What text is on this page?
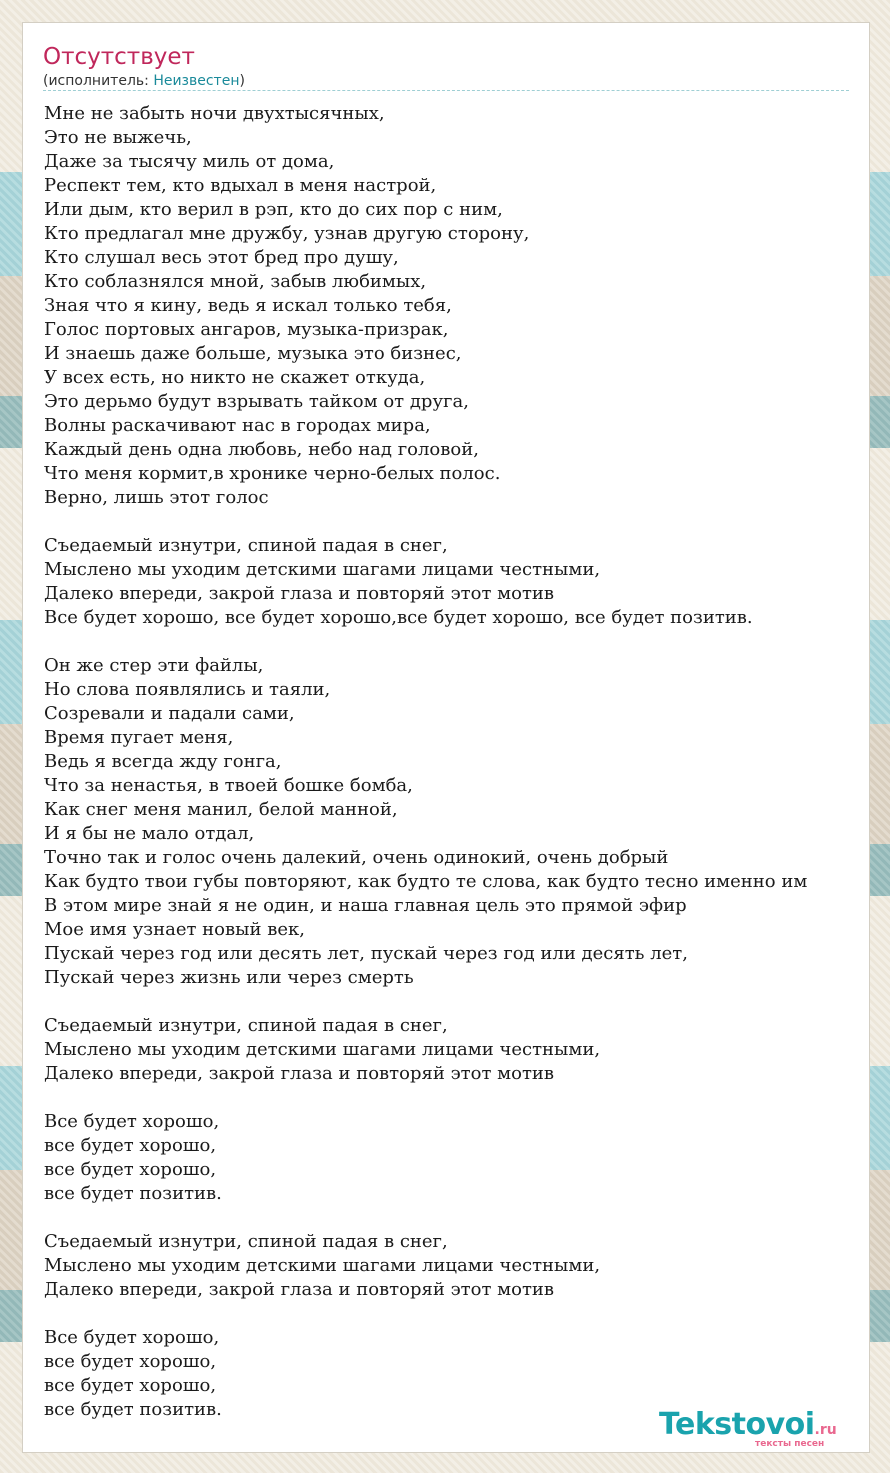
Отсутствует
(исполнитель: Неизвестен)
Мне не забыть ночи двухтысячных,
Это не выжечь,
Даже за тысячу миль от дома,
Респект тем, кто вдыхал в меня настрой,
Или дым, кто верил в рэп, кто до сих пор с ним,
Кто предлагал мне дружбу, узнав другую сторону,
Кто слушал весь этот бред про душу,
Кто соблазнялся мной, забыв любимых,
Зная что я кину, ведь я искал только тебя,
Голос портовых ангаров, музыка-призрак,
И знаешь даже больше, музыка это бизнес,
У всех есть, но никто не скажет откуда,
Это дерьмо будут взрывать тайком от друга,
Волны раскачивают нас в городах мира,
Каждый день одна любовь, небо над головой,
Что меня кормит,в хронике черно-белых полос.
Верно, лишь этот голос
Съедаемый изнутри, спиной падая в снег,
Мыслено мы уходим детскими шагами лицами честными,
Далеко впереди, закрой глаза и повторяй этот мотив
Все будет хорошо, все будет хорошо,все будет хорошо, все будет позитив.
Он же стер эти файлы,
Но слова появлялись и таяли,
Созревали и падали сами,
Время пугает меня,
Ведь я всегда жду гонга,
Что за ненастья, в твоей бошке бомба,
Как снег меня манил, белой манной,
И я бы не мало отдал,
Точно так и голос очень далекий, очень одинокий, очень добрый
Как будто твои губы повторяют, как будто те слова, как будто тесно именно им
В этом мире знай я не один, и наша главная цель это прямой эфир
Мое имя узнает новый век,
Пускай через год или десять лет, пускай через год или десять лет,
Пускай через жизнь или через смерть
Съедаемый изнутри, спиной падая в снег,
Мыслено мы уходим детскими шагами лицами честными,
Далеко впереди, закрой глаза и повторяй этот мотив
Все будет хорошо,
все будет хорошо,
все будет хорошо,
все будет позитив.
Съедаемый изнутри, спиной падая в снег,
Мыслено мы уходим детскими шагами лицами честными,
Далеко впереди, закрой глаза и повторяй этот мотив
Все будет хорошо,
все будет хорошо,
все будет хорошо,
все будет позитив.	Tekstovoi.ru
тексты песен
